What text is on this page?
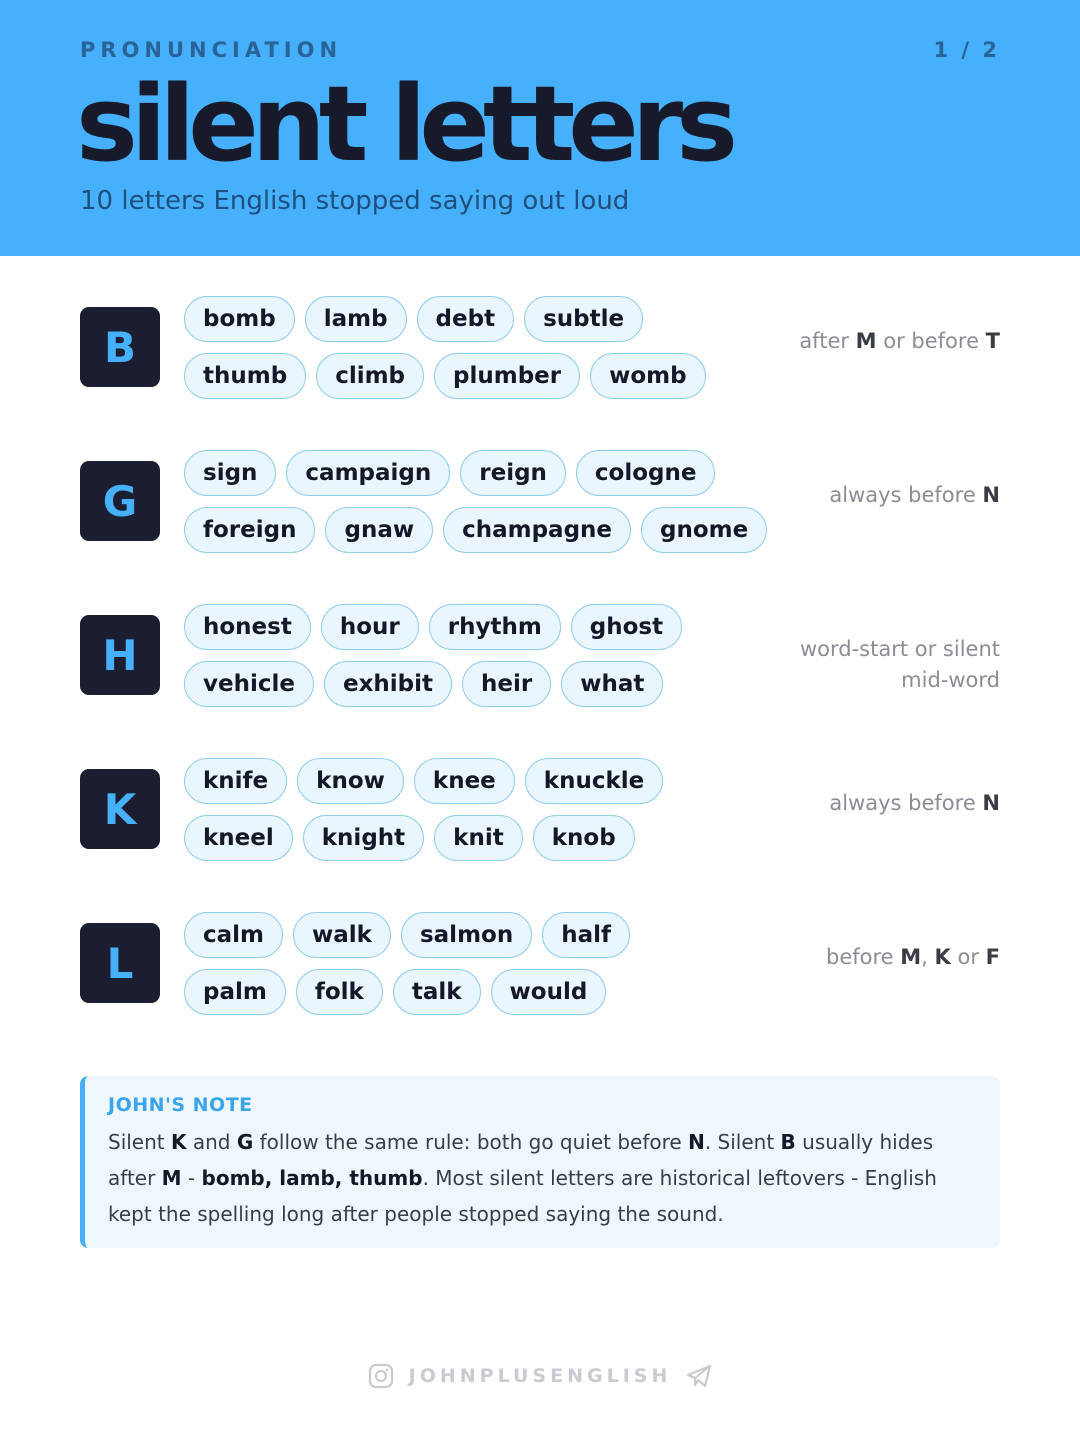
PRONUNCIATION	1 / 2
silent letters
10 letters English stopped saying out loud
B
bomb	lamb	debt	subtle
thumb	climb	plumber	womb
after M or before T
G
sign	campaign	reign	cologne
foreign	gnaw	champagne	gnome
always before N
H
honest	hour	rhythm	ghost
vehicle	exhibit	heir	what
word-start or silent mid-word
K
knife	know	knee	knuckle
kneel	knight	knit	knob
always before N
L
calm	walk	salmon	half
palm	folk	talk	would
before M, K or F
JOHN'S NOTE
Silent K and G follow the same rule: both go quiet before N. Silent B usually hides after M - bomb, lamb, thumb. Most silent letters are historical leftovers - English kept the spelling long after people stopped saying the sound.
JOHNPLUSENGLISH
